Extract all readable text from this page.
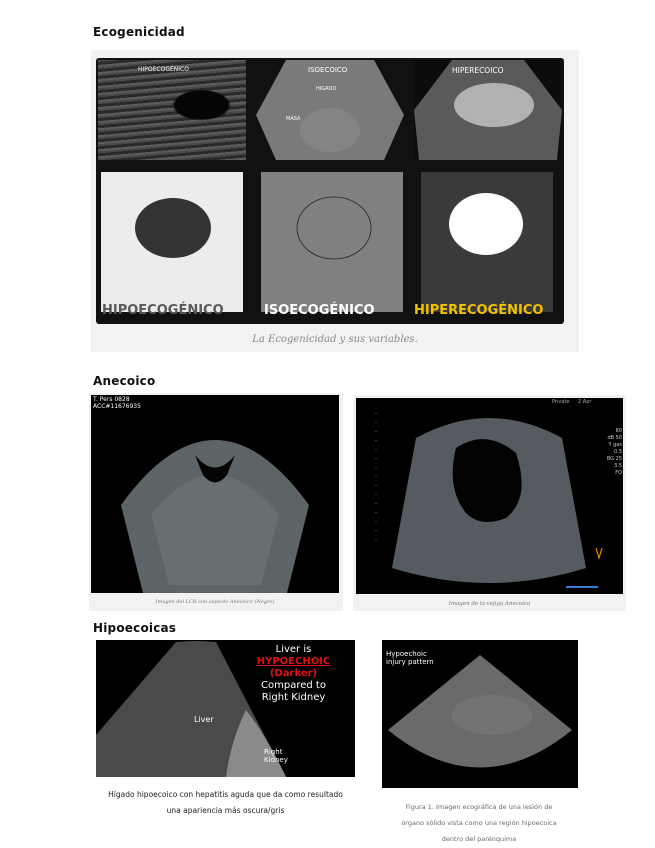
Ecogenicidad
HIPOECOGÉNICO	ISOECOICO
HIGADO
MASA
HIPERECOICO
HIPOECOGÉNICO	ISOECOGÉNICO	HIPERECOGÉNICO
La Ecogenicidad y sus variables.
Anecoico
T. Pers 0828
ACC#11676935
Imagen del LCR con aspecto Anecoico (Negro)
Private 2 Apr
60
dB 50
Y gas
0.5
BG 25
3.5
FO
Imagen de la vejiga Anecoica
Hipoecoicas
Liver is
HYPOECHOIC
(Darker)
Compared to
Right Kidney
Liver
Right
Kidney
Hígado hipoecoico con hepatitis aguda que da como resultado
una apariencia más oscura/gris
Hypoechoic
injury pattern
Figura 1. Imagen ecográfica de una lesión de
órgano sólido vista como una región hipoecoica
dentro del parénquima
